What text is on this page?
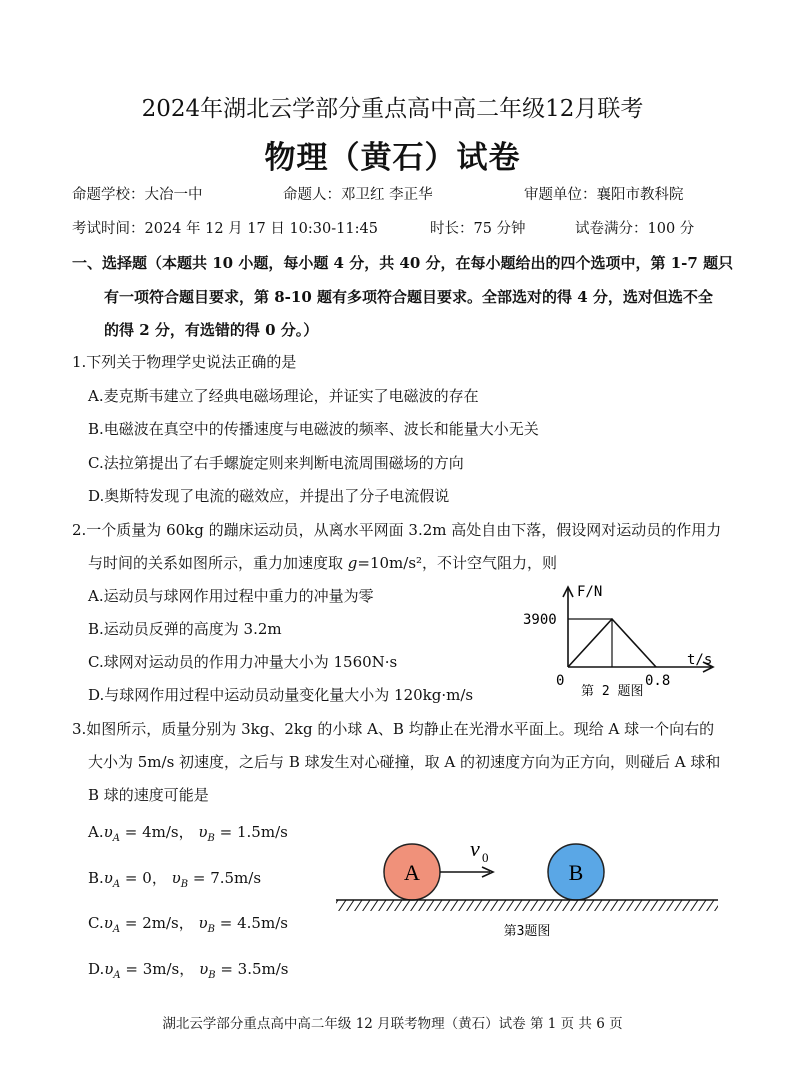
2024年湖北云学部分重点高中高二年级12月联考
物理（黄石）试卷
命题学校：大冶一中	命题人：邓卫红 李正华	审题单位：襄阳市教科院
考试时间：2024 年 12 月 17 日 10:30-11:45	时长：75 分钟	试卷满分：100 分
一、选择题（本题共 10 小题，每小题 4 分，共 40 分，在每小题给出的四个选项中，第 1-7 题只
有一项符合题目要求，第 8-10 题有多项符合题目要求。全部选对的得 4 分，选对但选不全
的得 2 分，有选错的得 0 分。）
1.下列关于物理学史说法正确的是
A.麦克斯韦建立了经典电磁场理论，并证实了电磁波的存在
B.电磁波在真空中的传播速度与电磁波的频率、波长和能量大小无关
C.法拉第提出了右手螺旋定则来判断电流周围磁场的方向
D.奥斯特发现了电流的磁效应，并提出了分子电流假说
2.一个质量为 60kg 的蹦床运动员，从离水平网面 3.2m 高处自由下落，假设网对运动员的作用力
与时间的关系如图所示，重力加速度取 g=10m/s²，不计空气阻力，则
A.运动员与球网作用过程中重力的冲量为零
B.运动员反弹的高度为 3.2m
C.球网对运动员的作用力冲量大小为 1560N·s
D.与球网作用过程中运动员动量变化量大小为 120kg·m/s
F/N
3900
t/s
0	0.8
第 2 题图
3.如图所示，质量分别为 3kg、2kg 的小球 A、B 均静止在光滑水平面上。现给 A 球一个向右的
大小为 5m/s 初速度，之后与 B 球发生对心碰撞，取 A 的初速度方向为正方向，则碰后 A 球和
B 球的速度可能是
$A.\upsilon_A = 4m/s$， $\upsilon_B = 1.5m/s$
$B.\upsilon_A = 0$， $\upsilon_B = 7.5m/s$
$C.\upsilon_A = 2m/s$， $\upsilon_B = 4.5m/s$
$D.\upsilon_A = 3m/s$， $\upsilon_B = 3.5m/s$
A	B
v 0
第3题图
湖北云学部分重点高中高二年级 12 月联考物理（黄石）试卷 第 1 页 共 6 页
